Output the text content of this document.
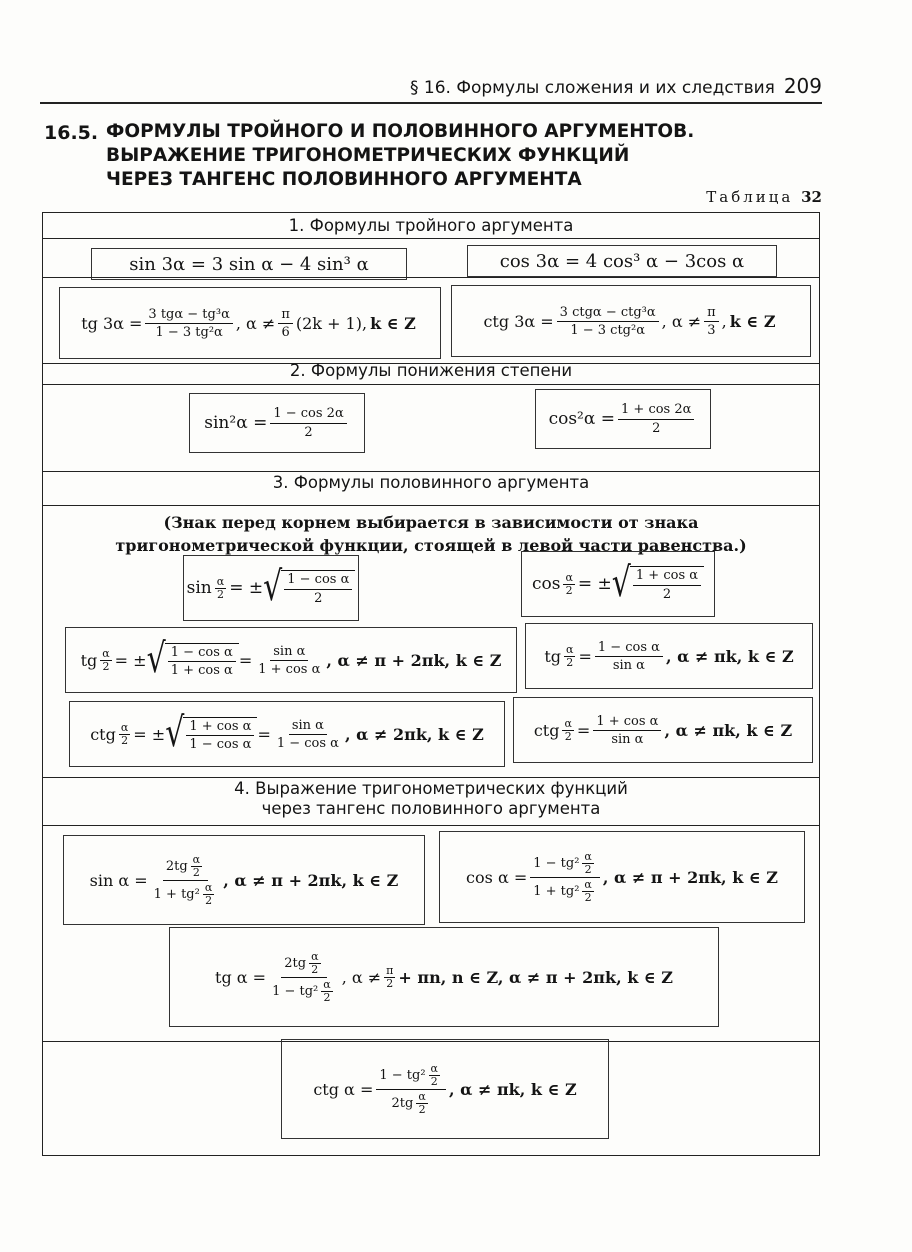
§ 16. Формулы сложения и их следствия 209
16.5. ФОРМУЛЫ ТРОЙНОГО И ПОЛОВИННОГО АРГУМЕНТОВ.
ВЫРАЖЕНИЕ ТРИГОНОМЕТРИЧЕСКИХ ФУНКЦИЙ
ЧЕРЕЗ ТАНГЕНС ПОЛОВИННОГО АРГУМЕНТА
Таблица 32
1. Формулы тройного аргумента
sin 3α = 3 sin α − 4 sin³ α	cos 3α = 4 cos³ α − 3cos α
tg $3\alpha = \frac{\text{3 tgα − tg³α}}{\text{1 − 3 tg²α}}$ , $\alpha \ne \frac{\pi}{6} (2k + 1)$, k ∈ Z	ctg $3\alpha = \frac{\text{3 ctgα − ctg³α}}{\text{1 − 3 ctg²α}}$ , $\alpha \ne \frac{\pi}{3}$ , k ∈ Z
2. Формулы понижения степени
$\sin^2\alpha = \frac{1 - \cos 2\alpha}{2}$	$\cos^2\alpha = \frac{1 + \cos 2\alpha}{2}$
3. Формулы половинного аргумента
(Знак перед корнем выбирается в зависимости от знака
тригонометрической функции, стоящей в левой части равенства.)
$\sin \frac{\alpha}{2}$ = ± √ $\frac{\text{1 − cos α}}{2}$	$\cos \frac{\alpha}{2}$ = ± √ $\frac{\text{1 + cos α}}{2}$
tg $\frac{\alpha}{2}$ = ± √ $\frac{\text{1 − cos α}}{\text{1 + cos α}} = \frac{\text{sin α}}{\text{1 + cos α}}$ , α ≠ π + 2πk, k ∈ Z	tg $\frac{\alpha}{2} = \frac{\text{1 − cos α}}{\text{sin α}}$ , α ≠ πk, k ∈ Z
ctg $\frac{\alpha}{2}$ = ± √ $\frac{\text{1 + cos α}}{\text{1 − cos α}} = \frac{\text{sin α}}{\text{1 − cos α}}$ , α ≠ 2πk, k ∈ Z	ctg $\frac{\alpha}{2} = \frac{\text{1 + cos α}}{\text{sin α}}$ , α ≠ πk, k ∈ Z
4. Выражение тригонометрических функций
через тангенс половинного аргумента
$\sin \alpha = \frac{2tg \frac{\alpha}{2}}{1 + tg^2 \frac{\alpha}{2}}$ , α ≠ π + 2πk, k ∈ Z	$\cos \alpha = \frac{1 - tg^2 \frac{\alpha}{2}}{1 + tg^2 \frac{\alpha}{2}}$ , α ≠ π + 2πk, k ∈ Z
tg $\alpha = \frac{2tg \frac{\alpha}{2}}{1 - tg^2 \frac{\alpha}{2}}$ , $\alpha \ne \frac{\pi}{2} + \pi n$, n ∈ Z, α ≠ π + 2πk, k ∈ Z
ctg $\alpha = \frac{1 - tg^2 \frac{\alpha}{2}}{2tg \frac{\alpha}{2}}$ , α ≠ πk, k ∈ Z
